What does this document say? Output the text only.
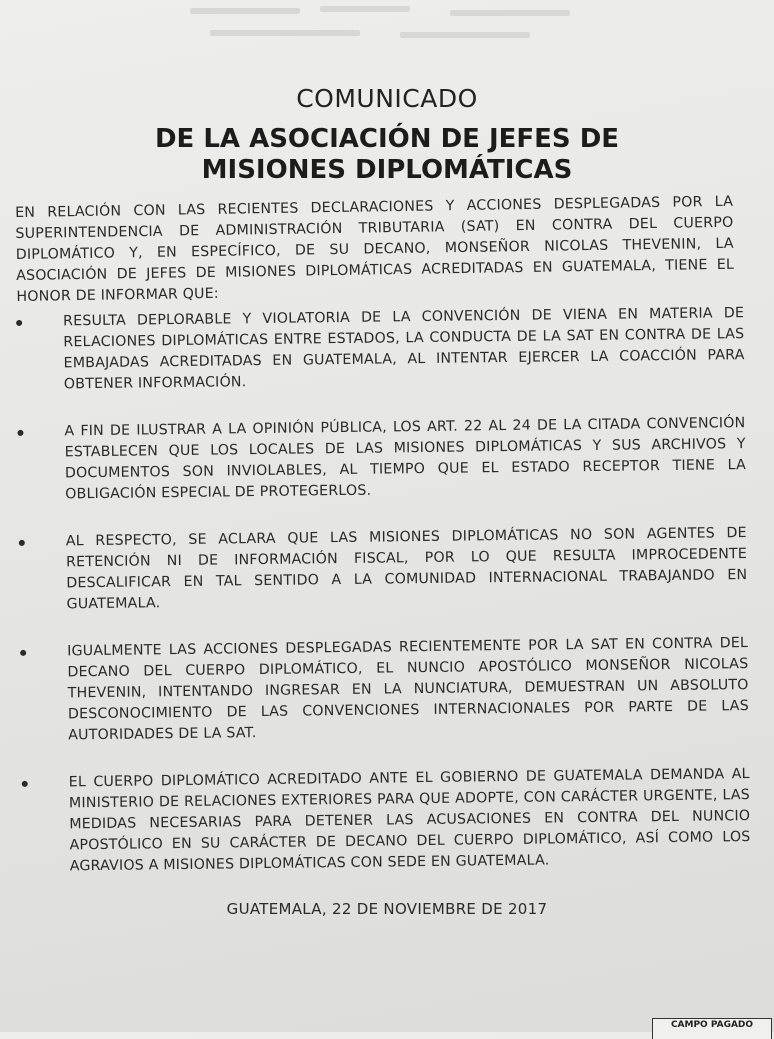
COMUNICADO
DE LA ASOCIACIÓN DE JEFES DE
MISIONES DIPLOMÁTICAS
EN RELACIÓN CON LAS RECIENTES DECLARACIONES Y ACCIONES DESPLEGADAS POR LA SUPERINTENDENCIA DE ADMINISTRACIÓN TRIBUTARIA (SAT) EN CONTRA DEL CUERPO DIPLOMÁTICO Y, EN ESPECÍFICO, DE SU DECANO, MONSEÑOR NICOLAS THEVENIN, LA ASOCIACIÓN DE JEFES DE MISIONES DIPLOMÁTICAS ACREDITADAS EN GUATEMALA, TIENE EL HONOR DE INFORMAR QUE:
RESULTA DEPLORABLE Y VIOLATORIA DE LA CONVENCIÓN DE VIENA EN MATERIA DE RELACIONES DIPLOMÁTICAS ENTRE ESTADOS, LA CONDUCTA DE LA SAT EN CONTRA DE LAS EMBAJADAS ACREDITADAS EN GUATEMALA, AL INTENTAR EJERCER LA COACCIÓN PARA OBTENER INFORMACIÓN.
A FIN DE ILUSTRAR A LA OPINIÓN PÚBLICA, LOS ART. 22 AL 24 DE LA CITADA CONVENCIÓN ESTABLECEN QUE LOS LOCALES DE LAS MISIONES DIPLOMÁTICAS Y SUS ARCHIVOS Y DOCUMENTOS SON INVIOLABLES, AL TIEMPO QUE EL ESTADO RECEPTOR TIENE LA OBLIGACIÓN ESPECIAL DE PROTEGERLOS.
AL RESPECTO, SE ACLARA QUE LAS MISIONES DIPLOMÁTICAS NO SON AGENTES DE RETENCIÓN NI DE INFORMACIÓN FISCAL, POR LO QUE RESULTA IMPROCEDENTE DESCALIFICAR EN TAL SENTIDO A LA COMUNIDAD INTERNACIONAL TRABAJANDO EN GUATEMALA.
IGUALMENTE LAS ACCIONES DESPLEGADAS RECIENTEMENTE POR LA SAT EN CONTRA DEL DECANO DEL CUERPO DIPLOMÁTICO, EL NUNCIO APOSTÓLICO MONSEÑOR NICOLAS THEVENIN, INTENTANDO INGRESAR EN LA NUNCIATURA, DEMUESTRAN UN ABSOLUTO DESCONOCIMIENTO DE LAS CONVENCIONES INTERNACIONALES POR PARTE DE LAS AUTORIDADES DE LA SAT.
EL CUERPO DIPLOMÁTICO ACREDITADO ANTE EL GOBIERNO DE GUATEMALA DEMANDA AL MINISTERIO DE RELACIONES EXTERIORES PARA QUE ADOPTE, CON CARÁCTER URGENTE, LAS MEDIDAS NECESARIAS PARA DETENER LAS ACUSACIONES EN CONTRA DEL NUNCIO APOSTÓLICO EN SU CARÁCTER DE DECANO DEL CUERPO DIPLOMÁTICO, ASÍ COMO LOS AGRAVIOS A MISIONES DIPLOMÁTICAS CON SEDE EN GUATEMALA.
GUATEMALA, 22 DE NOVIEMBRE DE 2017
CAMPO PAGADO
